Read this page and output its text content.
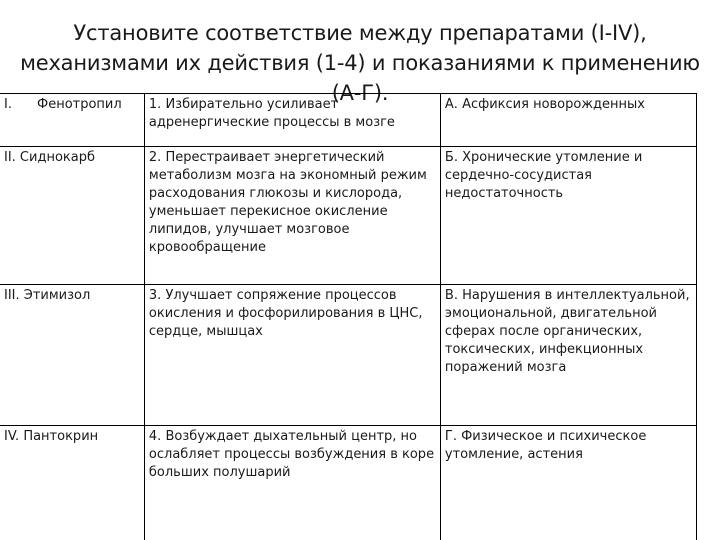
Установите соответствие между препаратами (I-IV), механизмами их действия (1-4) и показаниями к применению (А-Г).
I. Фенотропил	1. Избирательно усиливает адренергические процессы в мозге	А. Асфиксия новорожденных
II. Сиднокарб	2. Перестраивает энергетический метаболизм мозга на экономный режим расходования глюкозы и кислорода, уменьшает перекисное окисление липидов, улучшает мозговое кровообращение	Б. Хронические утомление и сердечно-сосудистая недостаточность
III. Этимизол	3. Улучшает сопряжение процессов окисления и фосфорилирования в ЦНС, сердце, мышцах	В. Нарушения в интеллектуальной, эмоциональной, двигательной сферах после органических, токсических, инфекционных поражений мозга
IV. Пантокрин	4. Возбуждает дыхательный центр, но ослабляет процессы возбуждения в коре больших полушарий	Г. Физическое и психическое утомление, астения
